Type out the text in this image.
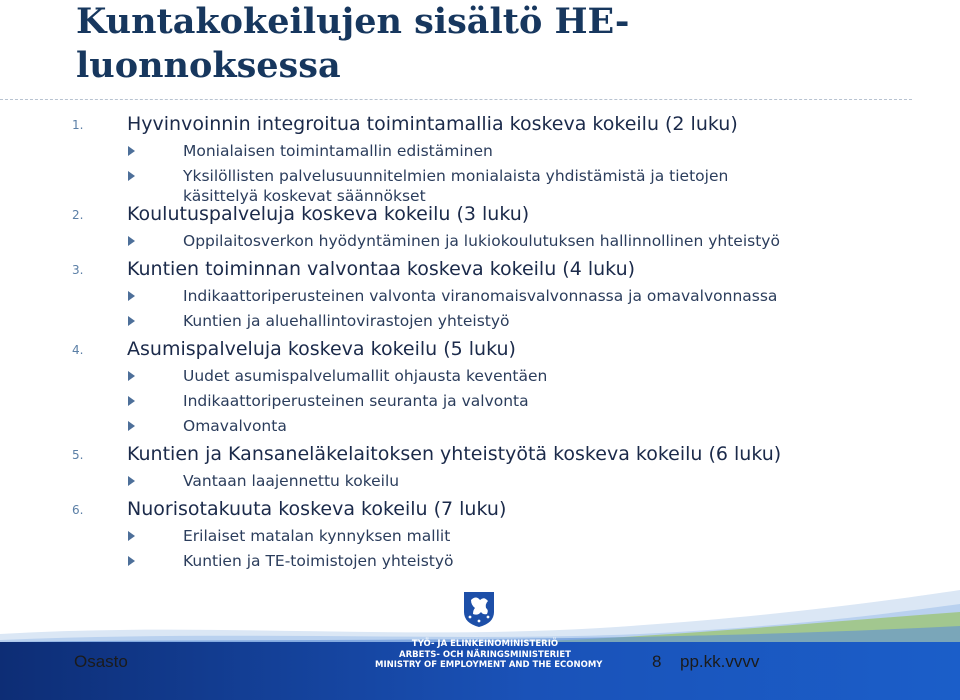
Kuntakokeilujen sisältö HE-luonnoksessa
1. Hyvinvoinnin integroitua toimintamallia koskeva kokeilu (2 luku)
Monialaisen toimintamallin edistäminen
Yksilöllisten palvelusuunnitelmien monialaista yhdistämistä ja tietojen käsittelyä koskevat säännökset
2. Koulutuspalveluja koskeva kokeilu (3 luku)
Oppilaitosverkon hyödyntäminen ja lukiokoulutuksen hallinnollinen yhteistyö
3. Kuntien toiminnan valvontaa koskeva kokeilu (4 luku)
Indikaattoriperusteinen valvonta viranomaisvalvonnassa ja omavalvonnassa
Kuntien ja aluehallintovirastojen yhteistyö
4. Asumispalveluja koskeva kokeilu (5 luku)
Uudet asumispalvelumallit ohjausta keventäen
Indikaattoriperusteinen seuranta ja valvonta
Omavalvonta
5. Kuntien ja Kansaneläkelaitoksen yhteistyötä koskeva kokeilu (6 luku)
Vantaan laajennettu kokeilu
6. Nuorisotakuuta koskeva kokeilu (7 luku)
Erilaiset matalan kynnyksen mallit
Kuntien ja TE-toimistojen yhteistyö
TYÖ- JA ELINKEINOMINISTERIÖ
ARBETS- OCH NÄRINGSMINISTERIET
MINISTRY OF EMPLOYMENT AND THE ECONOMY
Osasto	8 pp.kk.vvvv
